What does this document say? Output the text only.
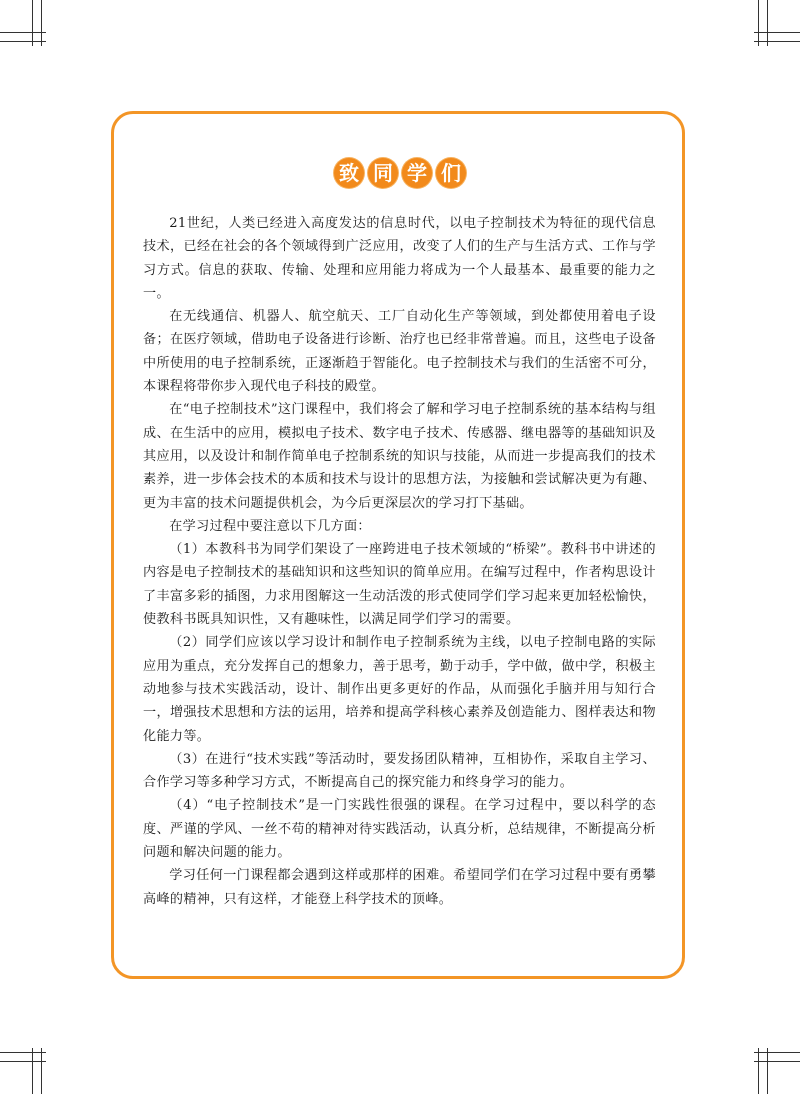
致 同 学 们

21世纪，人类已经进入高度发达的信息时代，以电子控制技术为特征的现代信息技术，已经在社会的各个领域得到广泛应用，改变了人们的生产与生活方式、工作与学习方式。信息的获取、传输、处理和应用能力将成为一个人最基本、最重要的能力之一。

在无线通信、机器人、航空航天、工厂自动化生产等领域，到处都使用着电子设备；在医疗领域，借助电子设备进行诊断、治疗也已经非常普遍。而且，这些电子设备中所使用的电子控制系统，正逐渐趋于智能化。电子控制技术与我们的生活密不可分，本课程将带你步入现代电子科技的殿堂。

在“电子控制技术”这门课程中，我们将会了解和学习电子控制系统的基本结构与组成、在生活中的应用，模拟电子技术、数字电子技术、传感器、继电器等的基础知识及其应用，以及设计和制作简单电子控制系统的知识与技能，从而进一步提高我们的技术素养，进一步体会技术的本质和技术与设计的思想方法，为接触和尝试解决更为有趣、更为丰富的技术问题提供机会，为今后更深层次的学习打下基础。

在学习过程中要注意以下几方面：

（1）本教科书为同学们架设了一座跨进电子技术领域的“桥梁”。教科书中讲述的内容是电子控制技术的基础知识和这些知识的简单应用。在编写过程中，作者构思设计了丰富多彩的插图，力求用图解这一生动活泼的形式使同学们学习起来更加轻松愉快，使教科书既具知识性，又有趣味性，以满足同学们学习的需要。

（2）同学们应该以学习设计和制作电子控制系统为主线，以电子控制电路的实际应用为重点，充分发挥自己的想象力，善于思考，勤于动手，学中做，做中学，积极主动地参与技术实践活动，设计、制作出更多更好的作品，从而强化手脑并用与知行合一，增强技术思想和方法的运用，培养和提高学科核心素养及创造能力、图样表达和物化能力等。

（3）在进行“技术实践”等活动时，要发扬团队精神，互相协作，采取自主学习、合作学习等多种学习方式，不断提高自己的探究能力和终身学习的能力。

（4）“电子控制技术”是一门实践性很强的课程。在学习过程中，要以科学的态度、严谨的学风、一丝不苟的精神对待实践活动，认真分析，总结规律，不断提高分析问题和解决问题的能力。

学习任何一门课程都会遇到这样或那样的困难。希望同学们在学习过程中要有勇攀高峰的精神，只有这样，才能登上科学技术的顶峰。
